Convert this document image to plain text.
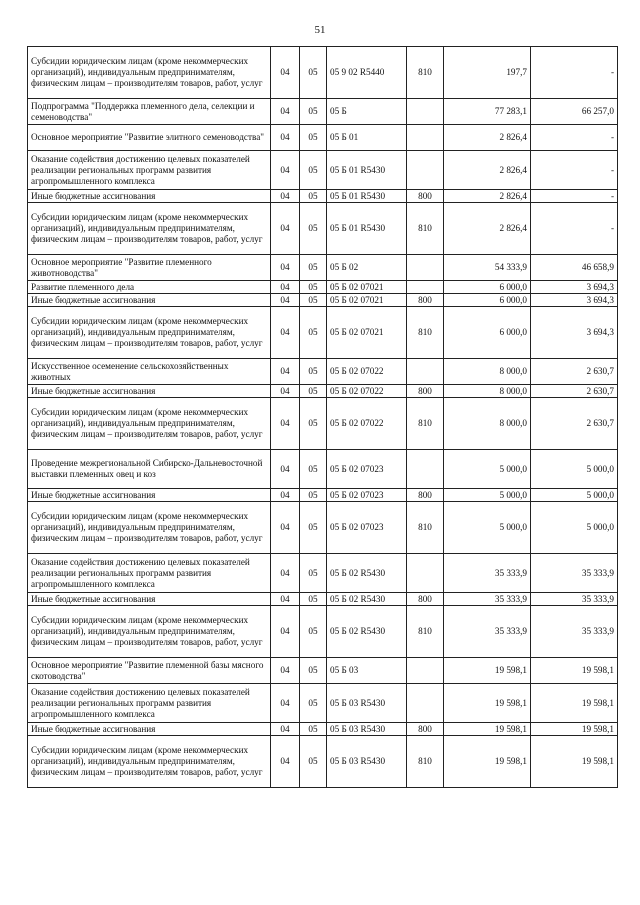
51
Субсидии юридическим лицам (кроме некоммерческих организаций), индивидуальным предпринимателям, физическим лицам – производителям товаров, работ, услуг	04	05	05 9 02 R5440	810	197,7	-
Подпрограмма "Поддержка племенного дела, селекции и семеноводства"	04	05	05 Б		77 283,1	66 257,0
Основное мероприятие "Развитие элитного семеноводства"	04	05	05 Б 01		2 826,4	-
Оказание содействия достижению целевых показателей реализации региональных программ развития агропромышленного комплекса	04	05	05 Б 01 R5430		2 826,4	-
Иные бюджетные ассигнования	04	05	05 Б 01 R5430	800	2 826,4	-
Субсидии юридическим лицам (кроме некоммерческих организаций), индивидуальным предпринимателям, физическим лицам – производителям товаров, работ, услуг	04	05	05 Б 01 R5430	810	2 826,4	-
Основное мероприятие "Развитие племенного животноводства"	04	05	05 Б 02		54 333,9	46 658,9
Развитие племенного дела	04	05	05 Б 02 07021		6 000,0	3 694,3
Иные бюджетные ассигнования	04	05	05 Б 02 07021	800	6 000,0	3 694,3
Субсидии юридическим лицам (кроме некоммерческих организаций), индивидуальным предпринимателям, физическим лицам – производителям товаров, работ, услуг	04	05	05 Б 02 07021	810	6 000,0	3 694,3
Искусственное осеменение сельскохозяйственных животных	04	05	05 Б 02 07022		8 000,0	2 630,7
Иные бюджетные ассигнования	04	05	05 Б 02 07022	800	8 000,0	2 630,7
Субсидии юридическим лицам (кроме некоммерческих организаций), индивидуальным предпринимателям, физическим лицам – производителям товаров, работ, услуг	04	05	05 Б 02 07022	810	8 000,0	2 630,7
Проведение межрегиональной Сибирско-Дальневосточной выставки племенных овец и коз	04	05	05 Б 02 07023		5 000,0	5 000,0
Иные бюджетные ассигнования	04	05	05 Б 02 07023	800	5 000,0	5 000,0
Субсидии юридическим лицам (кроме некоммерческих организаций), индивидуальным предпринимателям, физическим лицам – производителям товаров, работ, услуг	04	05	05 Б 02 07023	810	5 000,0	5 000,0
Оказание содействия достижению целевых показателей реализации региональных программ развития агропромышленного комплекса	04	05	05 Б 02 R5430		35 333,9	35 333,9
Иные бюджетные ассигнования	04	05	05 Б 02 R5430	800	35 333,9	35 333,9
Субсидии юридическим лицам (кроме некоммерческих организаций), индивидуальным предпринимателям, физическим лицам – производителям товаров, работ, услуг	04	05	05 Б 02 R5430	810	35 333,9	35 333,9
Основное мероприятие "Развитие племенной базы мясного скотоводства"	04	05	05 Б 03		19 598,1	19 598,1
Оказание содействия достижению целевых показателей реализации региональных программ развития агропромышленного комплекса	04	05	05 Б 03 R5430		19 598,1	19 598,1
Иные бюджетные ассигнования	04	05	05 Б 03 R5430	800	19 598,1	19 598,1
Субсидии юридическим лицам (кроме некоммерческих организаций), индивидуальным предпринимателям, физическим лицам – производителям товаров, работ, услуг	04	05	05 Б 03 R5430	810	19 598,1	19 598,1
